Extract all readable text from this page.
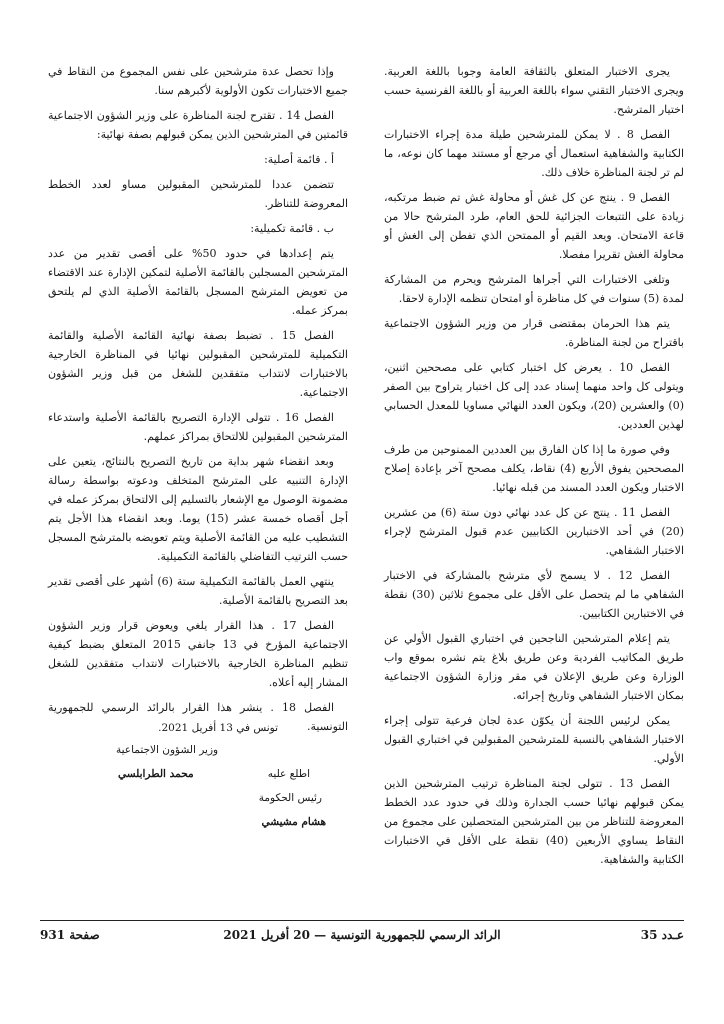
يجرى الاختبار المتعلق بالثقافة العامة وجوبا باللغة العربية. ويجرى الاختبار التقني سواء باللغة العربية أو باللغة الفرنسية حسب اختيار المترشح.

الفصل 8 . لا يمكن للمترشحين طيلة مدة إجراء الاختبارات الكتابية والشفاهية استعمال أي مرجع أو مستند مهما كان نوعه، ما لم تر لجنة المناظرة خلاف ذلك.

الفصل 9 . ينتج عن كل غش أو محاولة غش تم ضبط مرتكبه، زيادة على التتبعات الجزائية للحق العام، طرد المترشح حالا من قاعة الامتحان. ويعد القيم أو الممتحن الذي تفطن إلى الغش أو محاولة الغش تقريرا مفصلا.

وتلغى الاختبارات التي أجراها المترشح ويحرم من المشاركة لمدة (5) سنوات في كل مناظرة أو امتحان تنظمه الإدارة لاحقا.

يتم هذا الحرمان بمقتضى قرار من وزير الشؤون الاجتماعية باقتراح من لجنة المناظرة.

الفصل 10 . يعرض كل اختبار كتابي على مصححين اثنين، ويتولى كل واحد منهما إسناد عدد إلى كل اختبار يتراوح بين الصفر (0) والعشرين (20)، ويكون العدد النهائي مساويا للمعدل الحسابي لهذين العددين.

وفي صورة ما إذا كان الفارق بين العددين الممنوحين من طرف المصححين يفوق الأربع (4) نقاط، يكلف مصحح آخر بإعادة إصلاح الاختبار ويكون العدد المسند من قبله نهائيا.

الفصل 11 . ينتج عن كل عدد نهائي دون ستة (6) من عشرين (20) في أحد الاختبارين الكتابيين عدم قبول المترشح لإجراء الاختبار الشفاهي.

الفصل 12 . لا يسمح لأي مترشح بالمشاركة في الاختبار الشفاهي ما لم يتحصل على الأقل على مجموع ثلاثين (30) نقطة في الاختبارين الكتابيين.

يتم إعلام المترشحين الناجحين في اختباري القبول الأولي عن طريق المكاتيب الفردية وعن طريق بلاغ يتم نشره بموقع واب الوزارة وعن طريق الإعلان في مقر وزارة الشؤون الاجتماعية بمكان الاختبار الشفاهي وتاريخ إجرائه.

يمكن لرئيس اللجنة أن يكوّن عدة لجان فرعية تتولى إجراء الاختبار الشفاهي بالنسبة للمترشحين المقبولين في اختباري القبول الأولي.

الفصل 13 . تتولى لجنة المناظرة ترتيب المترشحين الذين يمكن قبولهم نهائيا حسب الجدارة وذلك في حدود عدد الخطط المعروضة للتناظر من بين المترشحين المتحصلين على مجموع من النقاط يساوي الأربعين (40) نقطة على الأقل في الاختبارات الكتابية والشفاهية.

وإذا تحصل عدة مترشحين على نفس المجموع من النقاط في جميع الاختبارات تكون الأولوية لأكبرهم سنا.

الفصل 14 . تقترح لجنة المناظرة على وزير الشؤون الاجتماعية قائمتين في المترشحين الذين يمكن قبولهم بصفة نهائية:

أ . قائمة أصلية:

تتضمن عددا للمترشحين المقبولين مساو لعدد الخطط المعروضة للتناظر.

ب . قائمة تكميلية:

يتم إعدادها في حدود 50% على أقصى تقدير من عدد المترشحين المسجلين بالقائمة الأصلية لتمكين الإدارة عند الاقتضاء من تعويض المترشح المسجل بالقائمة الأصلية الذي لم يلتحق بمركز عمله.

الفصل 15 . تضبط بصفة نهائية القائمة الأصلية والقائمة التكميلية للمترشحين المقبولين نهائيا في المناظرة الخارجية بالاختبارات لانتداب متفقدين للشغل من قبل وزير الشؤون الاجتماعية.

الفصل 16 . تتولى الإدارة التصريح بالقائمة الأصلية واستدعاء المترشحين المقبولين للالتحاق بمراكز عملهم.

وبعد انقضاء شهر بداية من تاريخ التصريح بالنتائج، يتعين على الإدارة التنبيه على المترشح المتخلف ودعوته بواسطة رسالة مضمونة الوصول مع الإشعار بالتسليم إلى الالتحاق بمركز عمله في أجل أقصاه خمسة عشر (15) يوما. وبعد انقضاء هذا الأجل يتم التشطيب عليه من القائمة الأصلية ويتم تعويضه بالمترشح المسجل حسب الترتيب التفاضلي بالقائمة التكميلية.

ينتهي العمل بالقائمة التكميلية ستة (6) أشهر على أقصى تقدير بعد التصريح بالقائمة الأصلية.

الفصل 17 . هذا القرار يلغي ويعوض قرار وزير الشؤون الاجتماعية المؤرخ في 13 جانفي 2015 المتعلق بضبط كيفية تنظيم المناظرة الخارجية بالاختبارات لانتداب متفقدين للشغل المشار إليه أعلاه.

الفصل 18 . ينشر هذا القرار بالرائد الرسمي للجمهورية التونسية.

تونس في 13 أفريل 2021.
وزير الشؤون الاجتماعية
محمد الطرابلسي	اطلع عليه
رئيس الحكومة
هشام مشيشي
عـدد 35
الرائد الرسمي للجمهورية التونسية — 20 أفريل 2021
صفحة 931
